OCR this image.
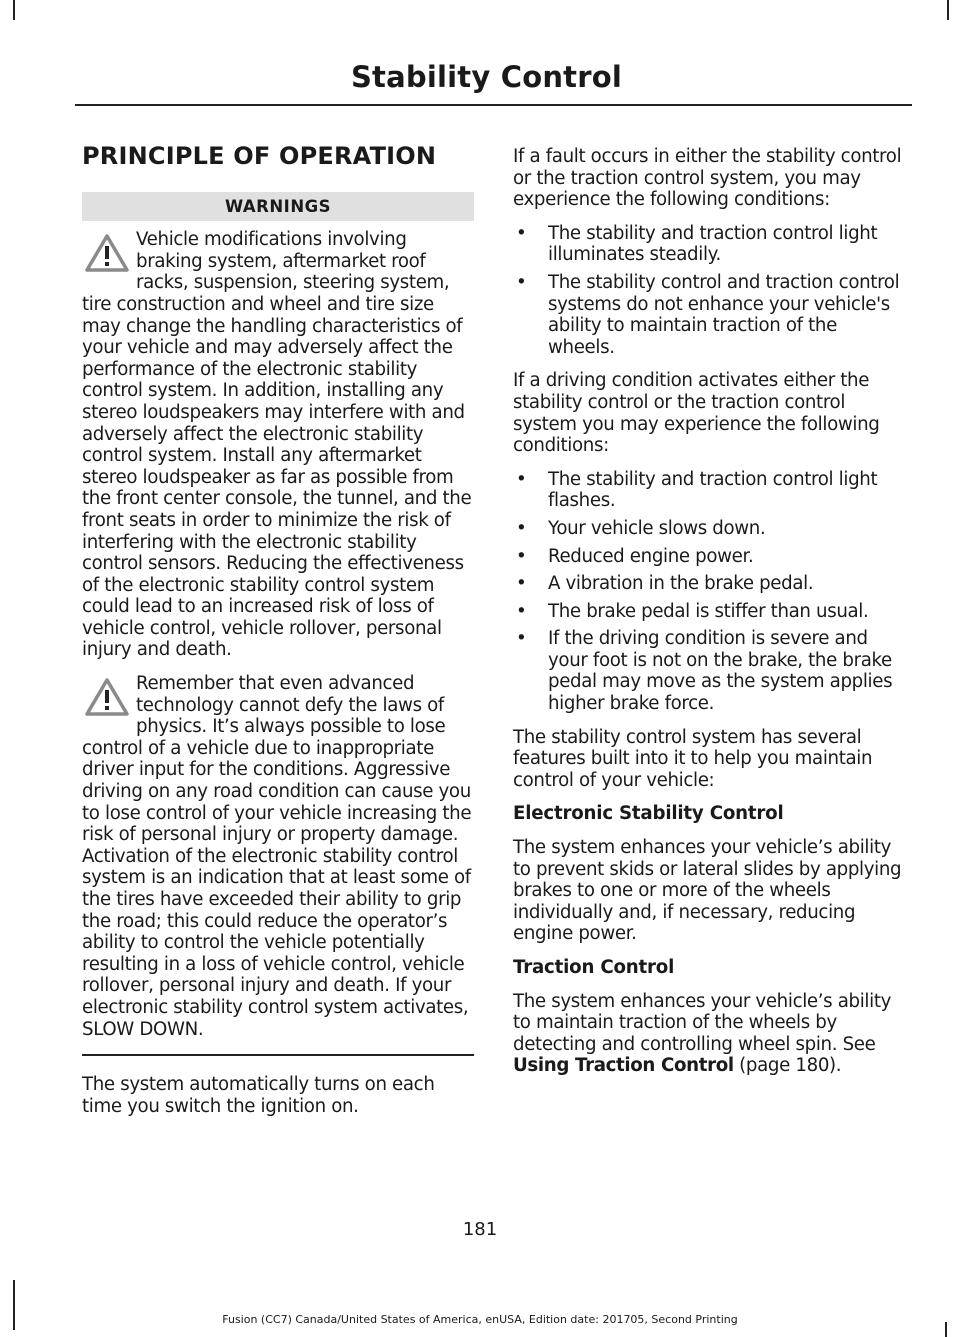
Stability Control
PRINCIPLE OF OPERATION
WARNINGS
Vehicle modifications involving braking system, aftermarket roof racks, suspension, steering system, tire construction and wheel and tire size may change the handling characteristics of your vehicle and may adversely affect the performance of the electronic stability control system. In addition, installing any stereo loudspeakers may interfere with and adversely affect the electronic stability control system. Install any aftermarket stereo loudspeaker as far as possible from the front center console, the tunnel, and the front seats in order to minimize the risk of interfering with the electronic stability control sensors. Reducing the effectiveness of the electronic stability control system could lead to an increased risk of loss of vehicle control, vehicle rollover, personal injury and death.
Remember that even advanced technology cannot defy the laws of physics. It’s always possible to lose control of a vehicle due to inappropriate driver input for the conditions. Aggressive driving on any road condition can cause you to lose control of your vehicle increasing the risk of personal injury or property damage. Activation of the electronic stability control system is an indication that at least some of the tires have exceeded their ability to grip the road; this could reduce the operator’s ability to control the vehicle potentially resulting in a loss of vehicle control, vehicle rollover, personal injury and death. If your electronic stability control system activates, SLOW DOWN.

The system automatically turns on each time you switch the ignition on.

If a fault occurs in either the stability control or the traction control system, you may experience the following conditions:

• The stability and traction control light illuminates steadily.
• The stability control and traction control systems do not enhance your vehicle's ability to maintain traction of the wheels.

If a driving condition activates either the stability control or the traction control system you may experience the following conditions:

• The stability and traction control light flashes.
• Your vehicle slows down.
• Reduced engine power.
• A vibration in the brake pedal.
• The brake pedal is stiffer than usual.
• If the driving condition is severe and your foot is not on the brake, the brake pedal may move as the system applies higher brake force.

The stability control system has several features built into it to help you maintain control of your vehicle:

Electronic Stability Control

The system enhances your vehicle’s ability to prevent skids or lateral slides by applying brakes to one or more of the wheels individually and, if necessary, reducing engine power.

Traction Control

The system enhances your vehicle’s ability to maintain traction of the wheels by detecting and controlling wheel spin. See Using Traction Control (page 180).

181
Fusion (CC7) Canada/United States of America, enUSA, Edition date: 201705, Second Printing
